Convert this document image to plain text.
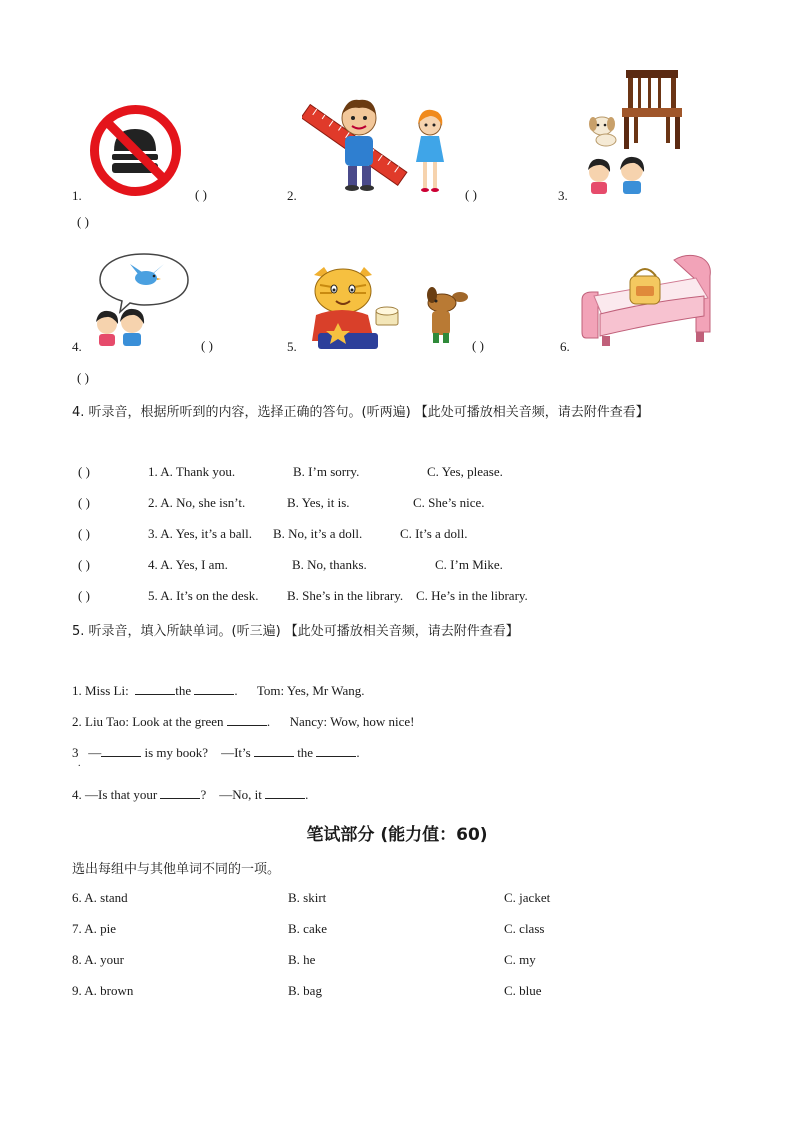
1.	( )	2.	( )	3.
( )
4.	( )	5.	( )	6.
( )
4. 听录音，根据所听到的内容，选择正确的答句。(听两遍) 【此处可播放相关音频，请去附件查看】
( )	1. A. Thank you.	B. I’m sorry.	C. Yes, please.
( )	2. A. No, she isn’t.	B. Yes, it is.	C. She’s nice.
( )	3. A. Yes, it’s a ball. B. No, it’s a doll.	C. It’s a doll.
( )	4. A. Yes, I am.	B. No, thanks.	C. I’m Mike.
( )	5. A. It’s on the desk. B. She’s in the library. C. He’s in the library.
5. 听录音，填入所缺单词。(听三遍) 【此处可播放相关音频，请去附件查看】
1. Miss Li:	the	. Tom: Yes, Mr Wang.
2. Liu Tao: Look at the green	. Nancy: Wow, how nice!
3 —	is my book? —It’s	the	.
.
4. —Is that your	? —No, it	.
笔试部分 (能力值：60)
选出每组中与其他单词不同的一项。
6. A. stand	B. skirt	C. jacket
7. A. pie	B. cake	C. class
8. A. your	B. he	C. my
9. A. brown	B. bag	C. blue
